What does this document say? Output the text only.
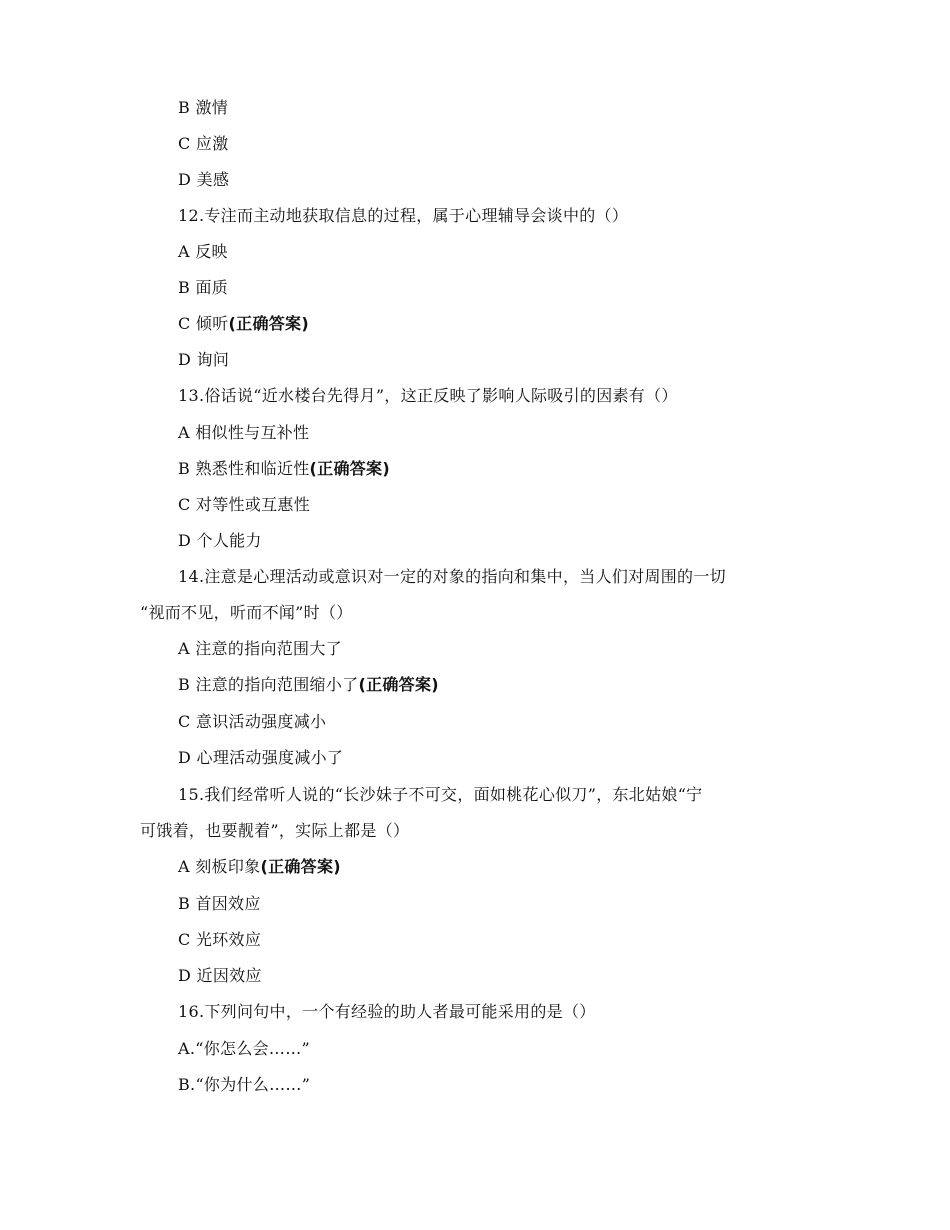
B 激情
C 应激
D 美感
12.专注而主动地获取信息的过程，属于心理辅导会谈中的（）
A 反映
B 面质
C 倾听(正确答案)
D 询问
13.俗话说“近水楼台先得月”，这正反映了影响人际吸引的因素有（）
A 相似性与互补性
B 熟悉性和临近性(正确答案)
C 对等性或互惠性
D 个人能力
14.注意是心理活动或意识对一定的对象的指向和集中，当人们对周围的一切
“视而不见，听而不闻”时（）
A 注意的指向范围大了
B 注意的指向范围缩小了(正确答案)
C 意识活动强度减小
D 心理活动强度减小了
15.我们经常听人说的“长沙妹子不可交，面如桃花心似刀”，东北姑娘“宁
可饿着，也要靓着”，实际上都是（）
A 刻板印象(正确答案)
B 首因效应
C 光环效应
D 近因效应
16.下列问句中，一个有经验的助人者最可能采用的是（）
A.“你怎么会……”
B.“你为什么……”
